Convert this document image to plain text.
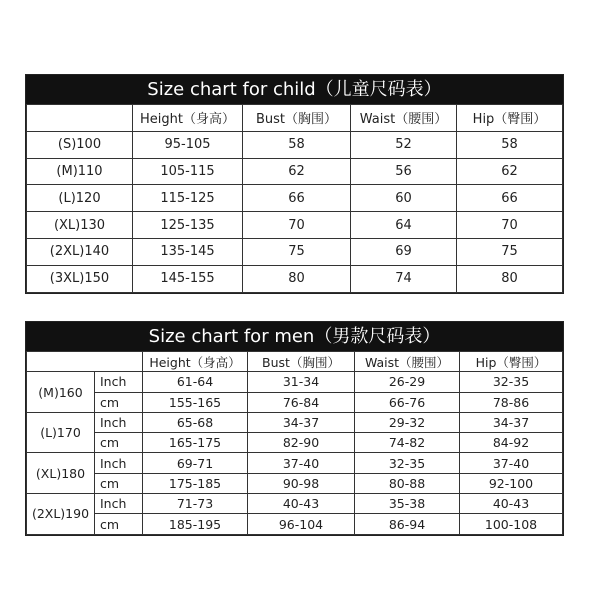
Size chart for child（儿童尺码表）
	Height（身高）	Bust（胸围）	Waist（腰围）	Hip（臀围）
(S)100	95-105	58	52	58
(M)110	105-115	62	56	62
(L)120	115-125	66	60	66
(XL)130	125-135	70	64	70
(2XL)140	135-145	75	69	75
(3XL)150	145-155	80	74	80
Size chart for men（男款尺码表）
		Height（身高）	Bust（胸围）	Waist（腰围）	Hip（臀围）
(M)160	Inch	61-64	31-34	26-29	32-35
	cm	155-165	76-84	66-76	78-86
(L)170	Inch	65-68	34-37	29-32	34-37
	cm	165-175	82-90	74-82	84-92
(XL)180	Inch	69-71	37-40	32-35	37-40
	cm	175-185	90-98	80-88	92-100
(2XL)190	Inch	71-73	40-43	35-38	40-43
	cm	185-195	96-104	86-94	100-108
